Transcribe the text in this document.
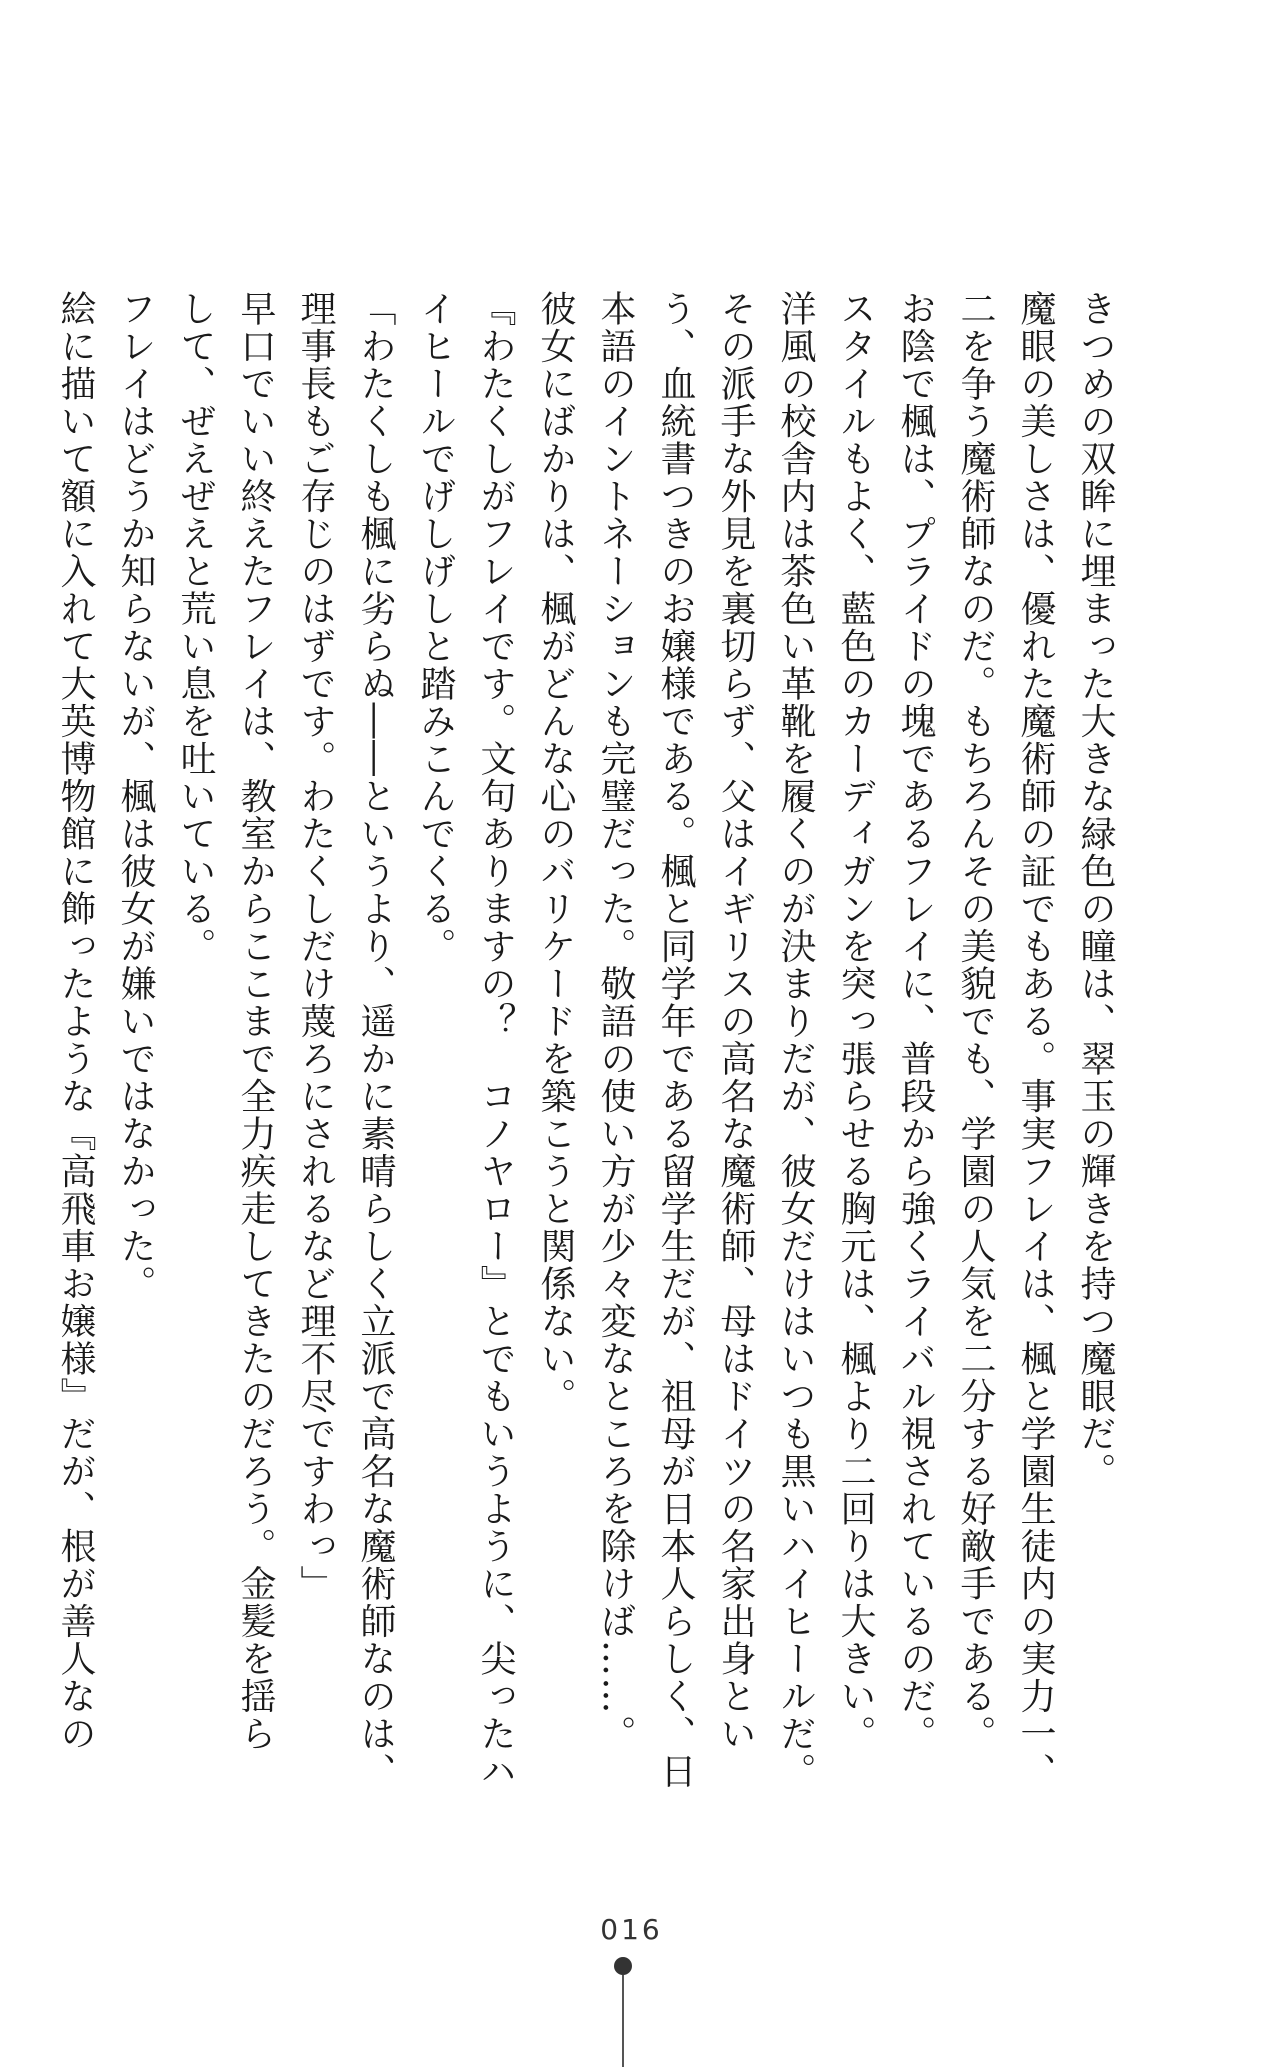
きつめの双眸に埋まった大きな緑色の瞳は、翠玉の輝きを持つ魔眼だ。
魔眼の美しさは、優れた魔術師の証でもある。事実フレイは、楓と学園生徒内の実力一、
二を争う魔術師なのだ。もちろんその美貌でも、学園の人気を二分する好敵手である。
お陰で楓は、プライドの塊であるフレイに、普段から強くライバル視されているのだ。
スタイルもよく、藍色のカーディガンを突っ張らせる胸元は、楓より二回りは大きい。
洋風の校舎内は茶色い革靴を履くのが決まりだが、彼女だけはいつも黒いハイヒールだ。
その派手な外見を裏切らず、父はイギリスの高名な魔術師、母はドイツの名家出身とい
う、血統書つきのお嬢様である。楓と同学年である留学生だが、祖母が日本人らしく、日
本語のイントネーションも完璧だった。敬語の使い方が少々変なところを除けば……。
彼女にばかりは、楓がどんな心のバリケードを築こうと関係ない。
『わたくしがフレイです。文句ありますの？　コノヤロー』とでもいうように、尖ったハ
イヒールでげしげしと踏みこんでくる。
「わたくしも楓に劣らぬ――というより、遥かに素晴らしく立派で高名な魔術師なのは、
理事長もご存じのはずです。わたくしだけ蔑ろにされるなど理不尽ですわっ」
早口でいい終えたフレイは、教室からここまで全力疾走してきたのだろう。金髪を揺ら
して、ぜえぜえと荒い息を吐いている。
フレイはどうか知らないが、楓は彼女が嫌いではなかった。
絵に描いて額に入れて大英博物館に飾ったような『高飛車お嬢様』だが、根が善人なの
016
